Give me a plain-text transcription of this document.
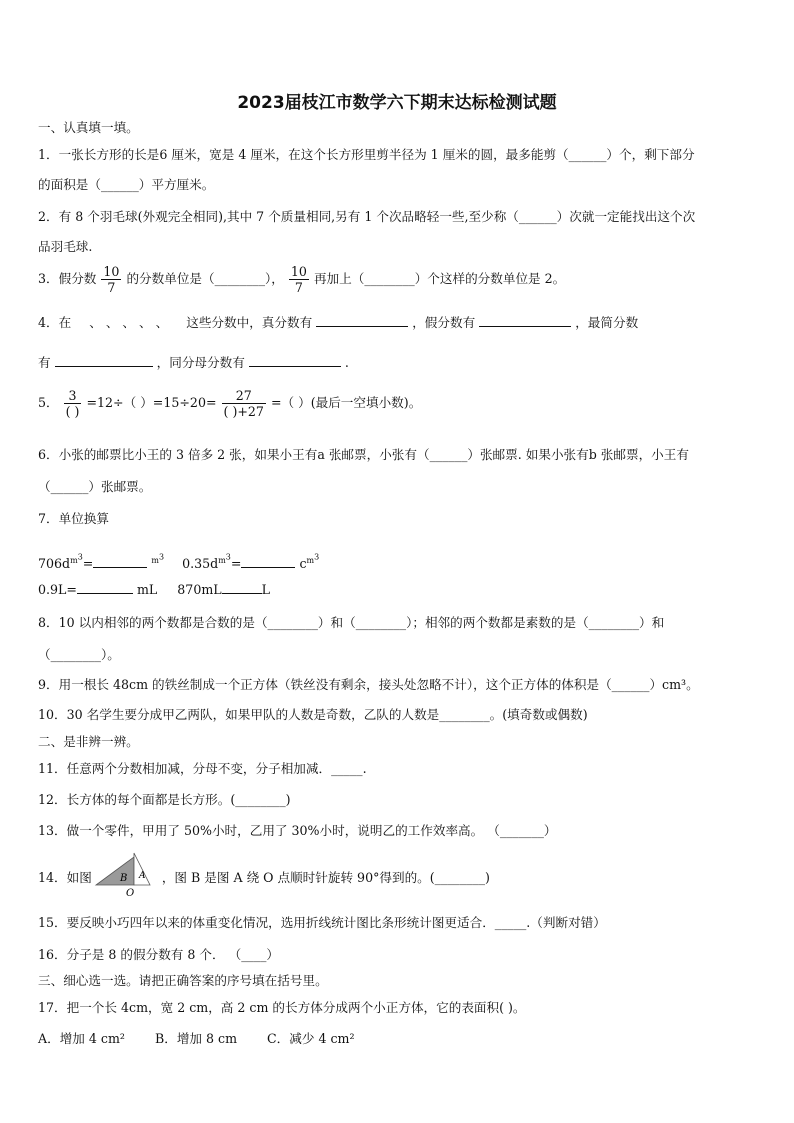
2023届枝江市数学六下期末达标检测试题
一、认真填一填。
1．一张长方形的长是6 厘米，宽是 4 厘米，在这个长方形里剪半径为 1 厘米的圆，最多能剪（______）个，剩下部分
的面积是（______）平方厘米。
2．有 8 个羽毛球(外观完全相同),其中 7 个质量相同,另有 1 个次品略轻一些,至少称（______）次就一定能找出这个次
品羽毛球.
3．假分数 $\frac{10}{7}$ 的分数单位是（________）， $\frac{10}{7}$ 再加上（________）个这样的分数单位是 2。
4．在 、 、 、 、 、 这些分数中，真分数有	，假分数有	，最简分数
有	，同分母分数有	.
5． $\frac{3}{( )} =12\div$（ ）$=15\div 20= \frac{27}{( )+27}$ =（ ）(最后一空填小数)。
6．小张的邮票比小王的 3 倍多 2 张，如果小王有a 张邮票，小张有（______）张邮票. 如果小张有b 张邮票，小王有
（______）张邮票。
7．单位换算
$706d^{m^3}=$	$^{m^3}$ $0.35d^{m^3}=$	$c^{m^3}$
0.9L=	mL 870mL	L
8．10 以内相邻的两个数都是合数的是（________）和（________）；相邻的两个数都是素数的是（________）和
（________）。
9．用一根长 48cm 的铁丝制成一个正方体（铁丝没有剩余，接头处忽略不计），这个正方体的体积是（______）cm³。
10．30 名学生要分成甲乙两队，如果甲队的人数是奇数，乙队的人数是________。(填奇数或偶数)
二、是非辨一辨。
11．任意两个分数相加减，分母不变，分子相加减．_____.
12．长方体的每个面都是长方形。(________)
13．做一个零件，甲用了 50%小时，乙用了 30%小时，说明乙的工作效率高。 （_______）
14．如图	B A
O
，图 B 是图 A 绕 O 点顺时针旋转 90°得到的。(________)
15．要反映小巧四年以来的体重变化情况，选用折线统计图比条形统计图更适合．_____.（判断对错）
16．分子是 8 的假分数有 8 个． （____）
三、细心选一选。请把正确答案的序号填在括号里。
17．把一个长 4cm，宽 2 cm，高 2 cm 的长方体分成两个小正方体，它的表面积( )。
A．增加 4 cm² B．增加 8 cm C．减少 4 cm²
